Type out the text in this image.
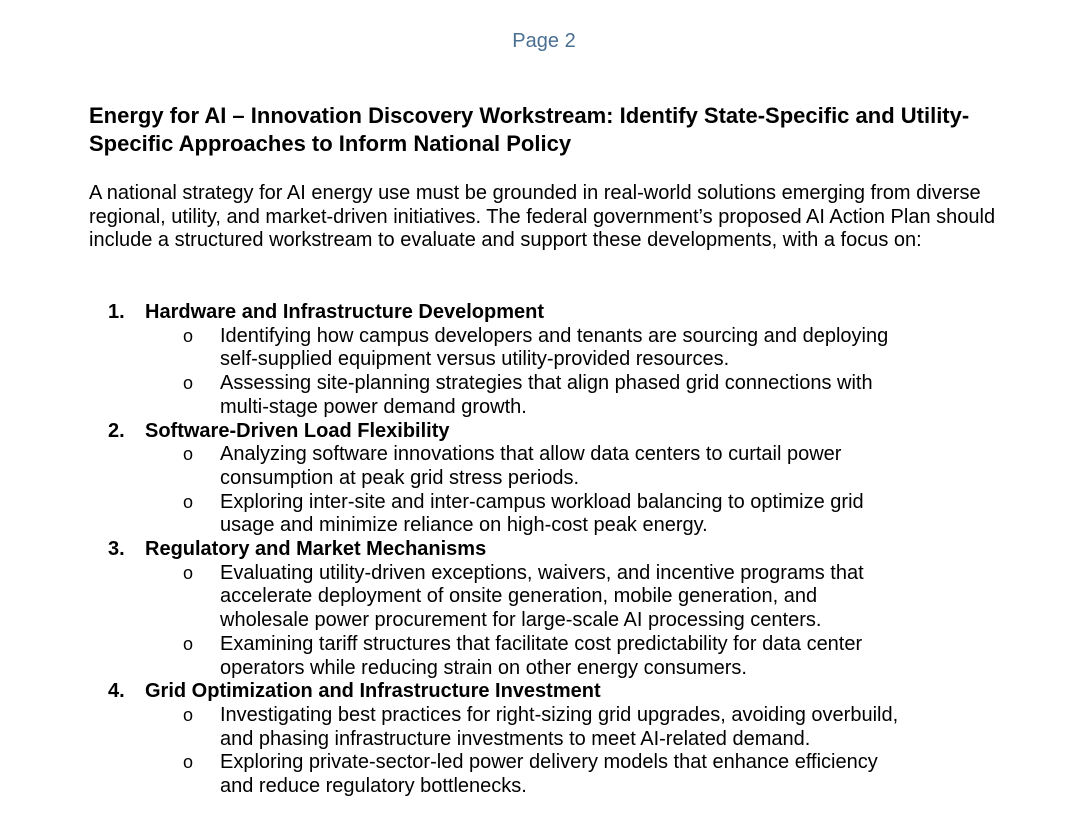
Page 2
Energy for AI – Innovation Discovery Workstream: Identify State-Specific and Utility-Specific Approaches to Inform National Policy

A national strategy for AI energy use must be grounded in real-world solutions emerging from diverse regional, utility, and market-driven initiatives. The federal government’s proposed AI Action Plan should include a structured workstream to evaluate and support these developments, with a focus on:

1. Hardware and Infrastructure Development
o Identifying how campus developers and tenants are sourcing and deploying self-supplied equipment versus utility-provided resources.
o Assessing site-planning strategies that align phased grid connections with multi-stage power demand growth.
2. Software-Driven Load Flexibility
o Analyzing software innovations that allow data centers to curtail power consumption at peak grid stress periods.
o Exploring inter-site and inter-campus workload balancing to optimize grid usage and minimize reliance on high-cost peak energy.
3. Regulatory and Market Mechanisms
o Evaluating utility-driven exceptions, waivers, and incentive programs that accelerate deployment of onsite generation, mobile generation, and wholesale power procurement for large-scale AI processing centers.
o Examining tariff structures that facilitate cost predictability for data center operators while reducing strain on other energy consumers.
4. Grid Optimization and Infrastructure Investment
o Investigating best practices for right-sizing grid upgrades, avoiding overbuild, and phasing infrastructure investments to meet AI-related demand.
o Exploring private-sector-led power delivery models that enhance efficiency and reduce regulatory bottlenecks.
